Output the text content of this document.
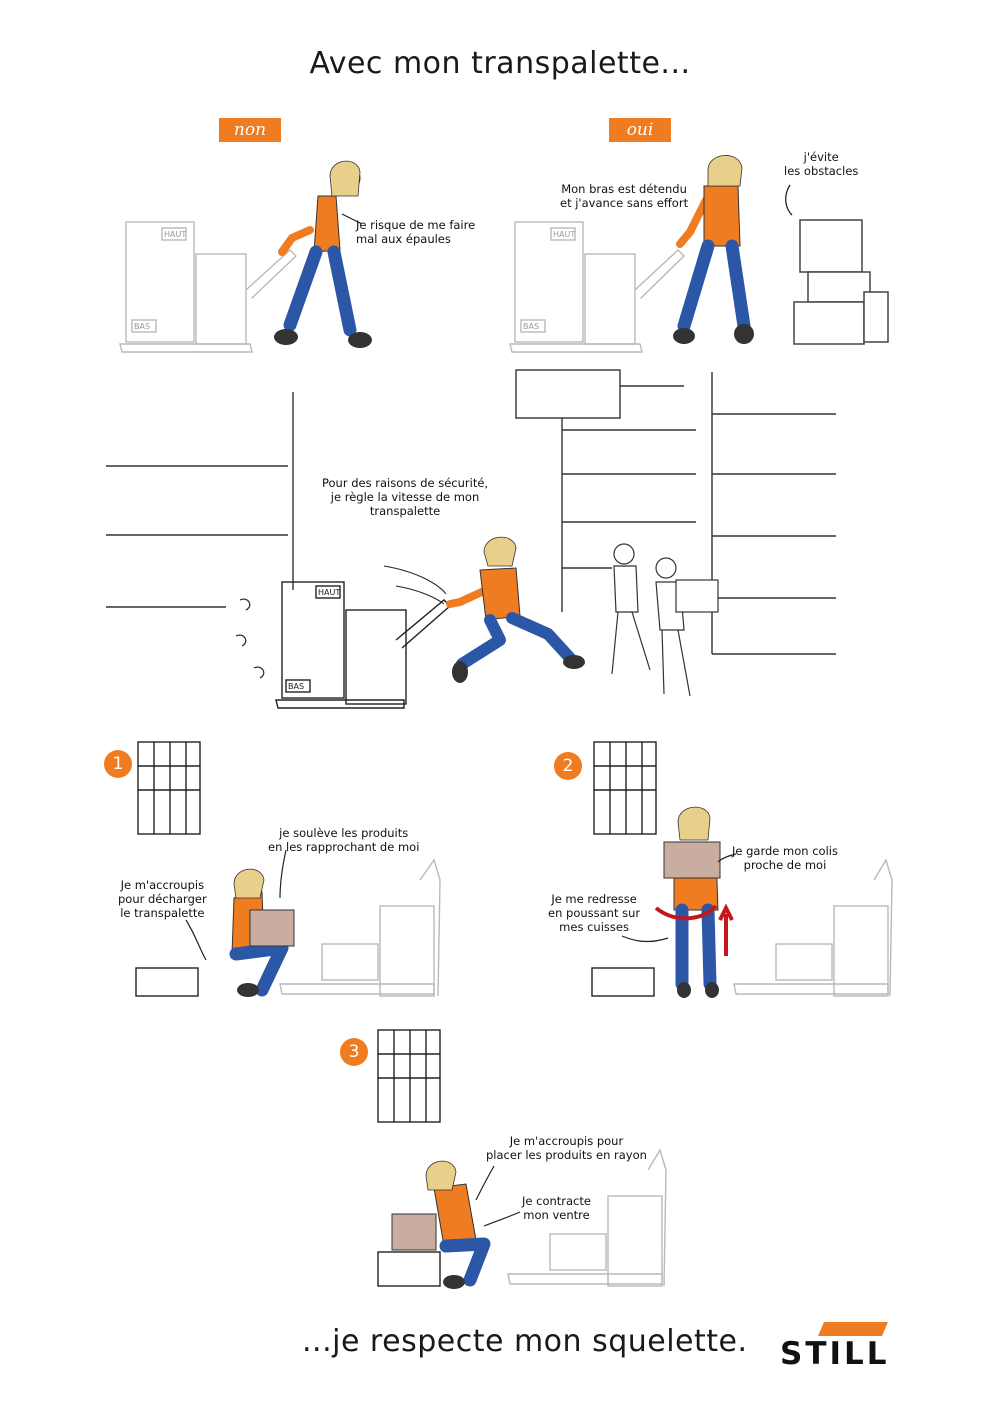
Avec mon transpalette...
...je respecte mon squelette.
non	oui
HAUT
BAS
HAUT
BAS
HAUT
BAS
Je risque de me faire
mal aux épaules
Mon bras est détendu
et j'avance sans effort
j'évite
les obstacles
Pour des raisons de sécurité,
je règle la vitesse de mon
transpalette
je soulève les produits
en les rapprochant de moi
Je m'accroupis
pour décharger
le transpalette
Je garde mon colis
proche de moi
Je me redresse
en poussant sur
mes cuisses
Je m'accroupis pour
placer les produits en rayon
Je contracte
mon ventre
1	2
3
STILL
